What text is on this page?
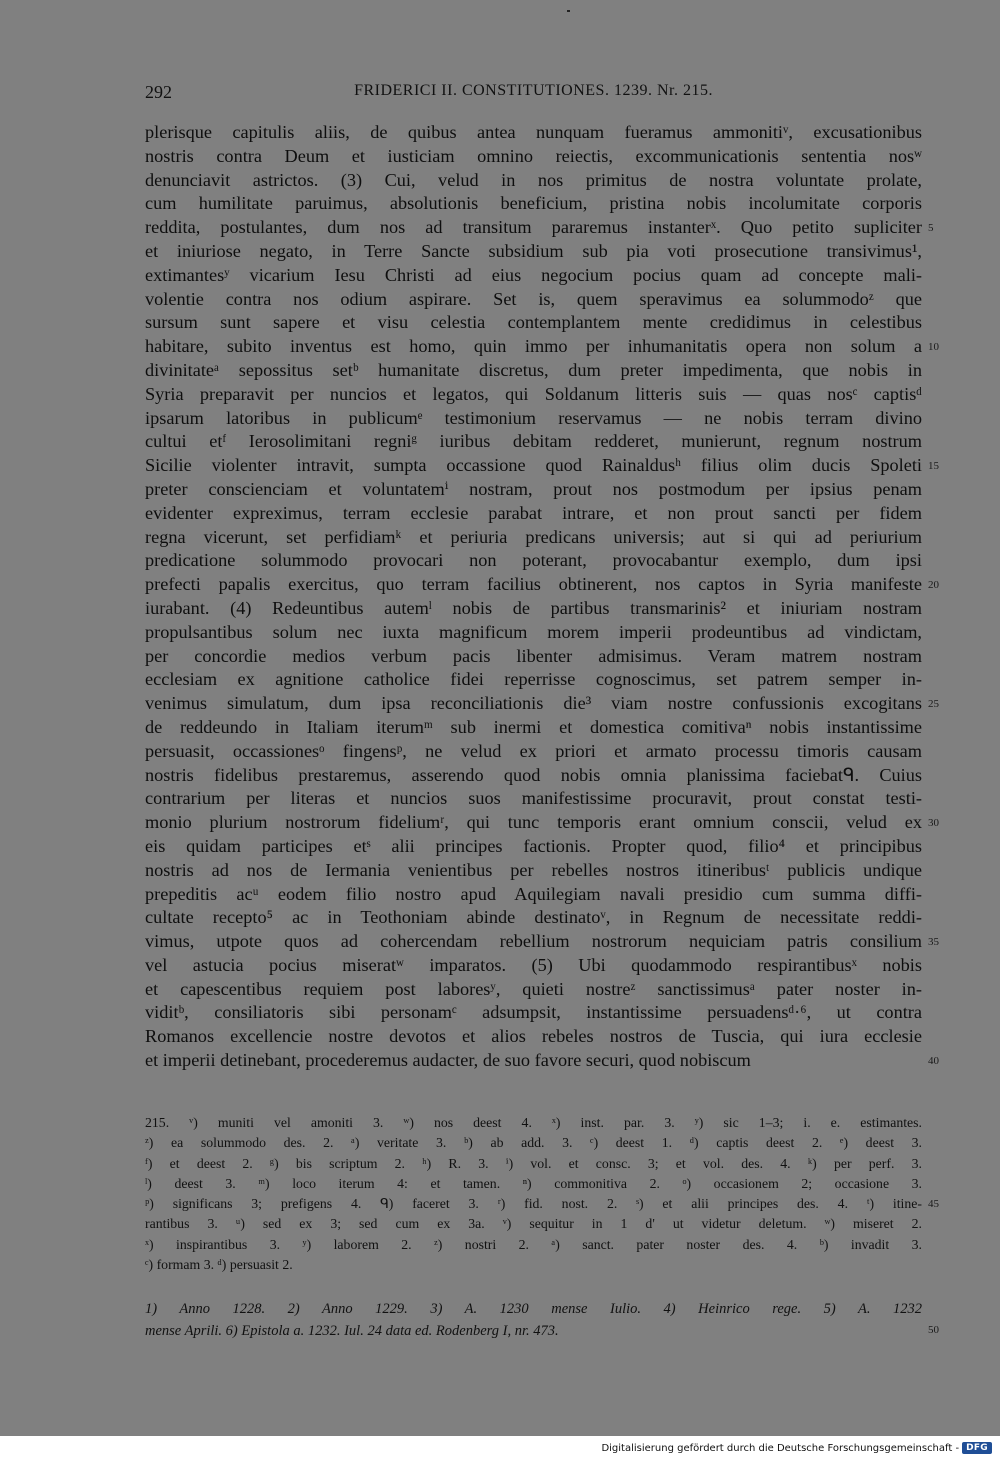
292	FRIDERICI II. CONSTITUTIONES. 1239. Nr. 215.
plerisque capitulis aliis, de quibus antea nunquam fueramus ammonitiᵛ, excusationibus
nostris contra Deum et iusticiam omnino reiectis, excommunicationis sententia nosʷ
denunciavit astrictos. (3) Cui, velud in nos primitus de nostra voluntate prolate,
cum humilitate paruimus, absolutionis beneficium, pristina nobis incolumitate corporis
reddita, postulantes, dum nos ad transitum pararemus instanterˣ. Quo petito supliciter
et iniuriose negato, in Terre Sancte subsidium sub pia voti prosecutione transivimus¹,
extimantesʸ vicarium Iesu Christi ad eius negocium pocius quam ad concepte mali-
volentie contra nos odium aspirare. Set is, quem speravimus ea solummodoᶻ que
sursum sunt sapere et visu celestia contemplantem mente credidimus in celestibus
habitare, subito inventus est homo, quin immo per inhumanitatis opera non solum a
divinitateᵃ sepossitus setᵇ humanitate discretus, dum preter impedimenta, que nobis in
Syria preparavit per nuncios et legatos, qui Soldanum litteris suis — quas nosᶜ captisᵈ
ipsarum latoribus in publicumᵉ testimonium reservamus — ne nobis terram divino
cultui etᶠ Ierosolimitani regniᵍ iuribus debitam redderet, munierunt, regnum nostrum
Sicilie violenter intravit, sumpta occassione quod Rainaldusʰ filius olim ducis Spoleti
preter conscienciam et voluntatemⁱ nostram, prout nos postmodum per ipsius penam
evidenter expreximus, terram ecclesie parabat intrare, et non prout sancti per fidem
regna vicerunt, set perfidiamᵏ et periuria predicans universis; aut si qui ad periurium
predicatione solummodo provocari non poterant, provocabantur exemplo, dum ipsi
prefecti papalis exercitus, quo terram facilius obtinerent, nos captos in Syria manifeste
iurabant. (4) Redeuntibus autemˡ nobis de partibus transmarinis² et iniuriam nostram
propulsantibus solum nec iuxta magnificum morem imperii prodeuntibus ad vindictam,
per concordie medios verbum pacis libenter admisimus. Veram matrem nostram
ecclesiam ex agnitione catholice fidei reperrisse cognoscimus, set patrem semper in-
venimus simulatum, dum ipsa reconciliationis die³ viam nostre confussionis excogitans
de reddeundo in Italiam iterumᵐ sub inermi et domestica comitivaⁿ nobis instantissime
persuasit, occassionesᵒ fingensᵖ, ne velud ex priori et armato processu timoris causam
nostris fidelibus prestaremus, asserendo quod nobis omnia planissima faciebatᑫ. Cuius
contrarium per literas et nuncios suos manifestissime procuravit, prout constat testi-
monio plurium nostrorum fideliumʳ, qui tunc temporis erant omnium conscii, velud ex
eis quidam participes etˢ alii principes factionis. Propter quod, filio⁴ et principibus
nostris ad nos de Iermania venientibus per rebelles nostros itineribusᵗ publicis undique
prepeditis acᵘ eodem filio nostro apud Aquilegiam navali presidio cum summa diffi-
cultate recepto⁵ ac in Teothoniam abinde destinatoᵛ, in Regnum de necessitate reddi-
vimus, utpote quos ad cohercendam rebellium nostrorum nequiciam patris consilium
vel astucia pocius miseratʷ imparatos. (5) Ubi quodammodo respirantibusˣ nobis
et capescentibus requiem post laboresʸ, quieti nostreᶻ sanctissimusᵃ pater noster in-
viditᵇ, consiliatoris sibi personamᶜ adsumpsit, instantissime persuadensᵈ·⁶, ut contra
Romanos excellencie nostre devotos et alios rebeles nostros de Tuscia, qui iura ecclesie
et imperii detinebant, procederemus audacter, de suo favore securi, quod nobiscum
5
10
15
20
25
30
35
40
45
50
215. ᵛ) muniti vel amoniti 3. ʷ) nos deest 4. ˣ) inst. par. 3. ʸ) sic 1–3; i. e. estimantes.
ᶻ) ea solummodo des. 2. ᵃ) veritate 3. ᵇ) ab add. 3. ᶜ) deest 1. ᵈ) captis deest 2. ᵉ) deest 3.
ᶠ) et deest 2. ᵍ) bis scriptum 2. ʰ) R. 3. ⁱ) vol. et consc. 3; et vol. des. 4. ᵏ) per perf. 3.
ˡ) deest 3. ᵐ) loco iterum 4: et tamen. ⁿ) commonitiva 2. ᵒ) occasionem 2; occasione 3.
ᵖ) significans 3; prefigens 4. ᑫ) faceret 3. ʳ) fid. nost. 2. ˢ) et alii principes des. 4. ᵗ) itine-
rantibus 3. ᵘ) sed ex 3; sed cum ex 3a. ᵛ) sequitur in 1 d' ut videtur deletum. ʷ) miseret 2.
ˣ) inspirantibus 3. ʸ) laborem 2. ᶻ) nostri 2. ᵃ) sanct. pater noster des. 4. ᵇ) invadit 3.
ᶜ) formam 3. ᵈ) persuasit 2.
1) Anno 1228. 2) Anno 1229. 3) A. 1230 mense Iulio. 4) Heinrico rege. 5) A. 1232
mense Aprili. 6) Epistola a. 1232. Iul. 24 data ed. Rodenberg I, nr. 473.
Digitalisierung gefördert durch die Deutsche Forschungsgemeinschaft - DFG
